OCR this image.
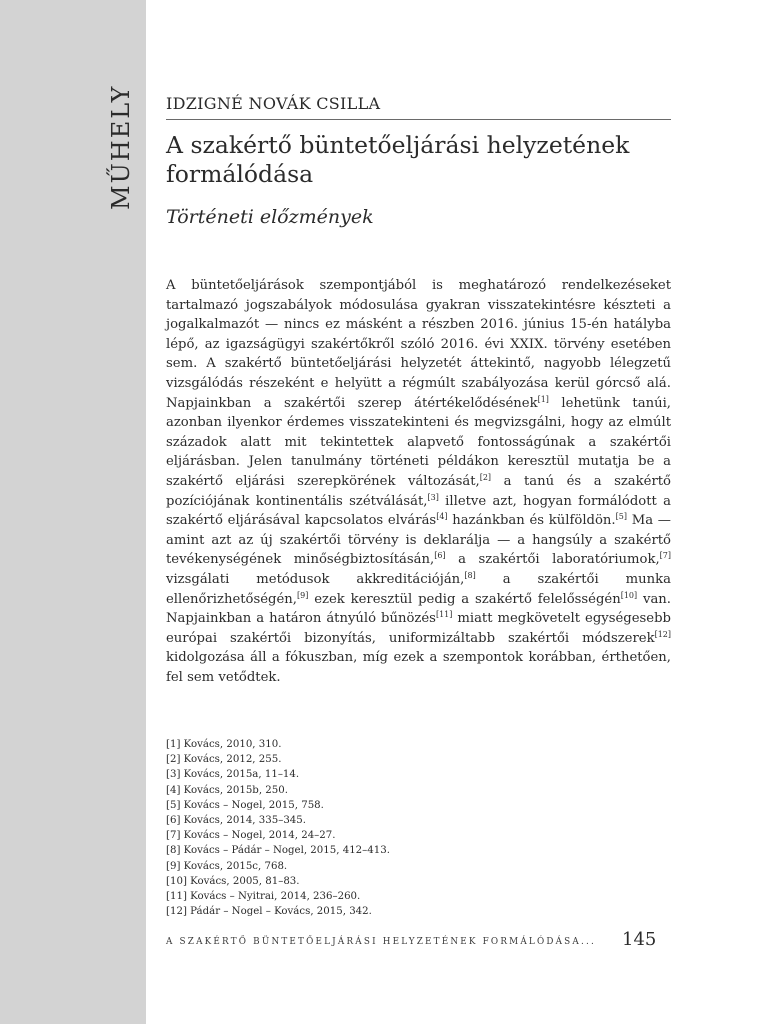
MŰHELY IDZIGNÉ NOVÁK CSILLA
A szakértő büntetőeljárási helyzetének formálódása
Történeti előzmények
A büntetőeljárások szempontjából is meghatározó rendelkezéseket tartalmazó jogszabályok módosulása gyakran visszatekintésre készteti a jogalkalmazót — nincs ez másként a részben 2016. június 15-én hatályba lépő, az igazságügyi szakértőkről szóló 2016. évi XXIX. törvény esetében sem. A szakértő büntetőeljárási helyzetét áttekintő, nagyobb lélegzetű vizsgálódás részeként e helyütt a régmúlt szabályozása kerül górcső alá. Napjainkban a szakértői szerep átértékelődésének[1] lehetünk tanúi, azonban ilyenkor érdemes visszatekinteni és megvizsgálni, hogy az elmúlt századok alatt mit tekintettek alapvető fontosságúnak a szakértői eljárásban. Jelen tanulmány történeti példákon keresztül mutatja be a szakértő eljárási szerepkörének változását,[2] a tanú és a szakértő pozíciójának kontinentális szétválását,[3] illetve azt, hogyan formálódott a szakértő eljárásával kapcsolatos elvárás[4] hazánkban és külföldön.[5] Ma — amint azt az új szakértői törvény is deklarálja — a hangsúly a szakértő tevékenységének minőségbiztosításán,[6] a szakértői laboratóriumok,[7] vizsgálati metódusok akkreditációján,[8] a szakértői munka ellenőrizhetőségén,[9] ezek keresztül pedig a szakértő felelősségén[10] van. Napjainkban a határon átnyúló bűnözés[11] miatt megkövetelt egységesebb európai szakértői bizonyítás, uniformizáltabb szakértői módszerek[12] kidolgozása áll a fókuszban, míg ezek a szempontok korábban, érthetően, fel sem vetődtek.
[1] Kovács, 2010, 310.
[2] Kovács, 2012, 255.
[3] Kovács, 2015a, 11–14.
[4] Kovács, 2015b, 250.
[5] Kovács – Nogel, 2015, 758.
[6] Kovács, 2014, 335–345.
[7] Kovács – Nogel, 2014, 24–27.
[8] Kovács – Pádár – Nogel, 2015, 412–413.
[9] Kovács, 2015c, 768.
[10] Kovács, 2005, 81–83.
[11] Kovács – Nyitrai, 2014, 236–260.
[12] Pádár – Nogel – Kovács, 2015, 342.
A SZAKÉRTŐ BÜNTETŐELJÁRÁSI HELYZETÉNEK FORMÁLÓDÁSA... 145
